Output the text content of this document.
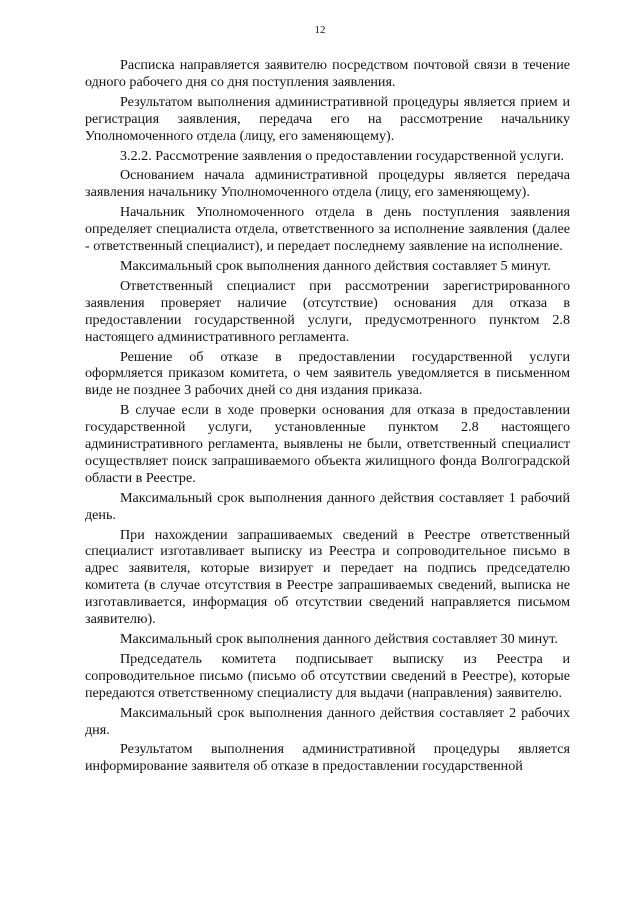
12

Расписка направляется заявителю посредством почтовой связи в течение одного рабочего дня со дня поступления заявления.

Результатом выполнения административной процедуры является прием и регистрация заявления, передача его на рассмотрение начальнику Уполномоченного отдела (лицу, его заменяющему).

3.2.2. Рассмотрение заявления о предоставлении государственной услуги.

Основанием начала административной процедуры является передача заявления начальнику Уполномоченного отдела (лицу, его заменяющему).

Начальник Уполномоченного отдела в день поступления заявления определяет специалиста отдела, ответственного за исполнение заявления (далее - ответственный специалист), и передает последнему заявление на исполнение.

Максимальный срок выполнения данного действия составляет 5 минут.

Ответственный специалист при рассмотрении зарегистрированного заявления проверяет наличие (отсутствие) основания для отказа в предоставлении государственной услуги, предусмотренного пунктом 2.8 настоящего административного регламента.

Решение об отказе в предоставлении государственной услуги оформляется приказом комитета, о чем заявитель уведомляется в письменном виде не позднее 3 рабочих дней со дня издания приказа.

В случае если в ходе проверки основания для отказа в предоставлении государственной услуги, установленные пунктом 2.8 настоящего административного регламента, выявлены не были, ответственный специалист осуществляет поиск запрашиваемого объекта жилищного фонда Волгоградской области в Реестре.

Максимальный срок выполнения данного действия составляет 1 рабочий день.

При нахождении запрашиваемых сведений в Реестре ответственный специалист изготавливает выписку из Реестра и сопроводительное письмо в адрес заявителя, которые визирует и передает на подпись председателю комитета (в случае отсутствия в Реестре запрашиваемых сведений, выписка не изготавливается, информация об отсутствии сведений направляется письмом заявителю).

Максимальный срок выполнения данного действия составляет 30 минут.

Председатель комитета подписывает выписку из Реестра и сопроводительное письмо (письмо об отсутствии сведений в Реестре), которые передаются ответственному специалисту для выдачи (направления) заявителю.

Максимальный срок выполнения данного действия составляет 2 рабочих дня.

Результатом выполнения административной процедуры является информирование заявителя об отказе в предоставлении государственной
